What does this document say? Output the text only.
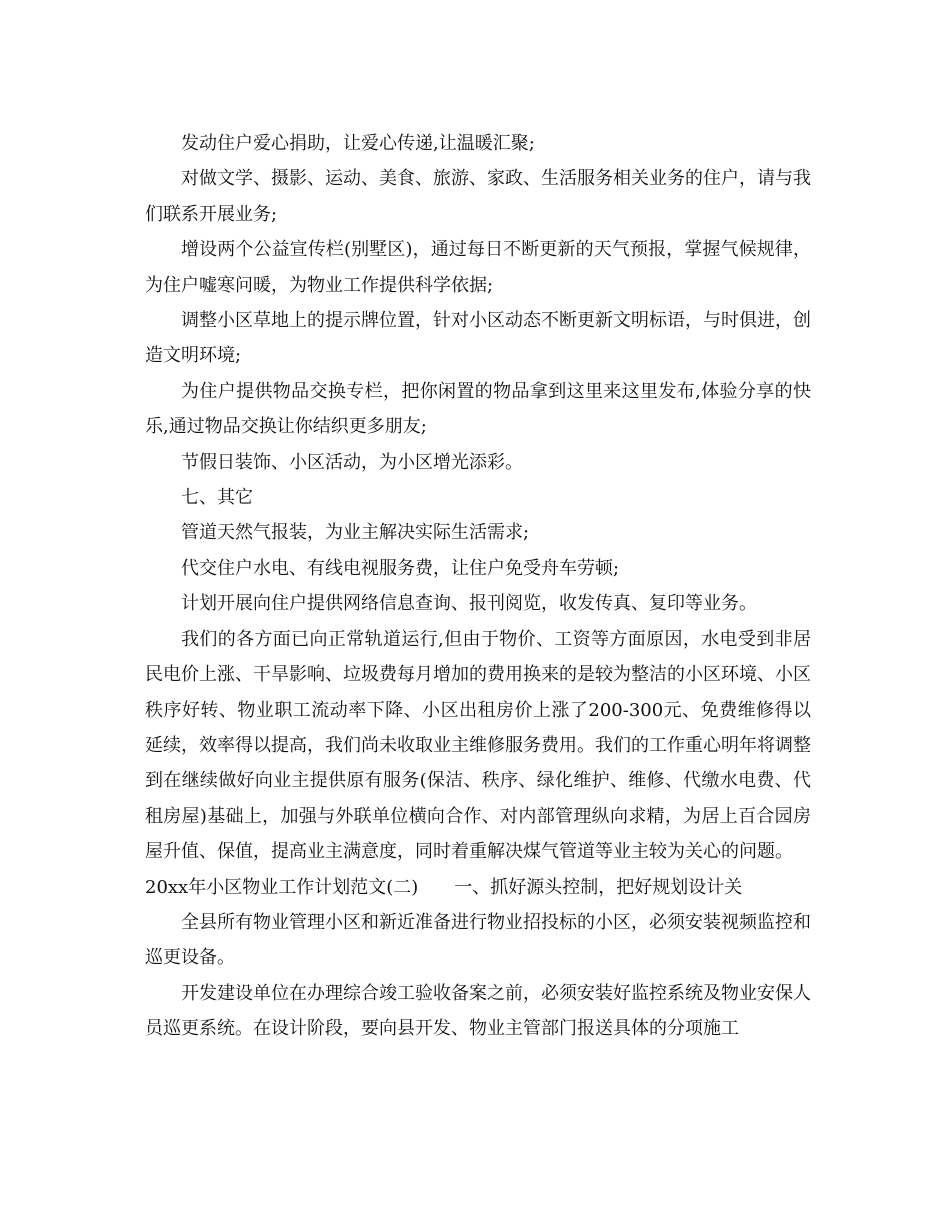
发动住户爱心捐助，让爱心传递,让温暖汇聚;

对做文学、摄影、运动、美食、旅游、家政、生活服务相关业务的住户，请与我们联系开展业务;

增设两个公益宣传栏(别墅区)，通过每日不断更新的天气预报，掌握气候规律，为住户嘘寒问暖，为物业工作提供科学依据;

调整小区草地上的提示牌位置，针对小区动态不断更新文明标语，与时俱进，创造文明环境;

为住户提供物品交换专栏，把你闲置的物品拿到这里来这里发布,体验分享的快乐,通过物品交换让你结织更多朋友;

节假日装饰、小区活动，为小区增光添彩。

七、其它

管道天然气报装，为业主解决实际生活需求;

代交住户水电、有线电视服务费，让住户免受舟车劳顿;

计划开展向住户提供网络信息查询、报刊阅览，收发传真、复印等业务。

我们的各方面已向正常轨道运行,但由于物价、工资等方面原因，水电受到非居民电价上涨、干旱影响、垃圾费每月增加的费用换来的是较为整洁的小区环境、小区秩序好转、物业职工流动率下降、小区出租房价上涨了200-300元、免费维修得以延续，效率得以提高，我们尚未收取业主维修服务费用。我们的工作重心明年将调整到在继续做好向业主提供原有服务(保洁、秩序、绿化维护、维修、代缴水电费、代租房屋)基础上，加强与外联单位横向合作、对内部管理纵向求精，为居上百合园房屋升值、保值，提高业主满意度，同时着重解决煤气管道等业主较为关心的问题。

20xx年小区物业工作计划范文(二)　　一、抓好源头控制，把好规划设计关

全县所有物业管理小区和新近准备进行物业招投标的小区，必须安装视频监控和巡更设备。

开发建设单位在办理综合竣工验收备案之前，必须安装好监控系统及物业安保人员巡更系统。在设计阶段，要向县开发、物业主管部门报送具体的分项施工
